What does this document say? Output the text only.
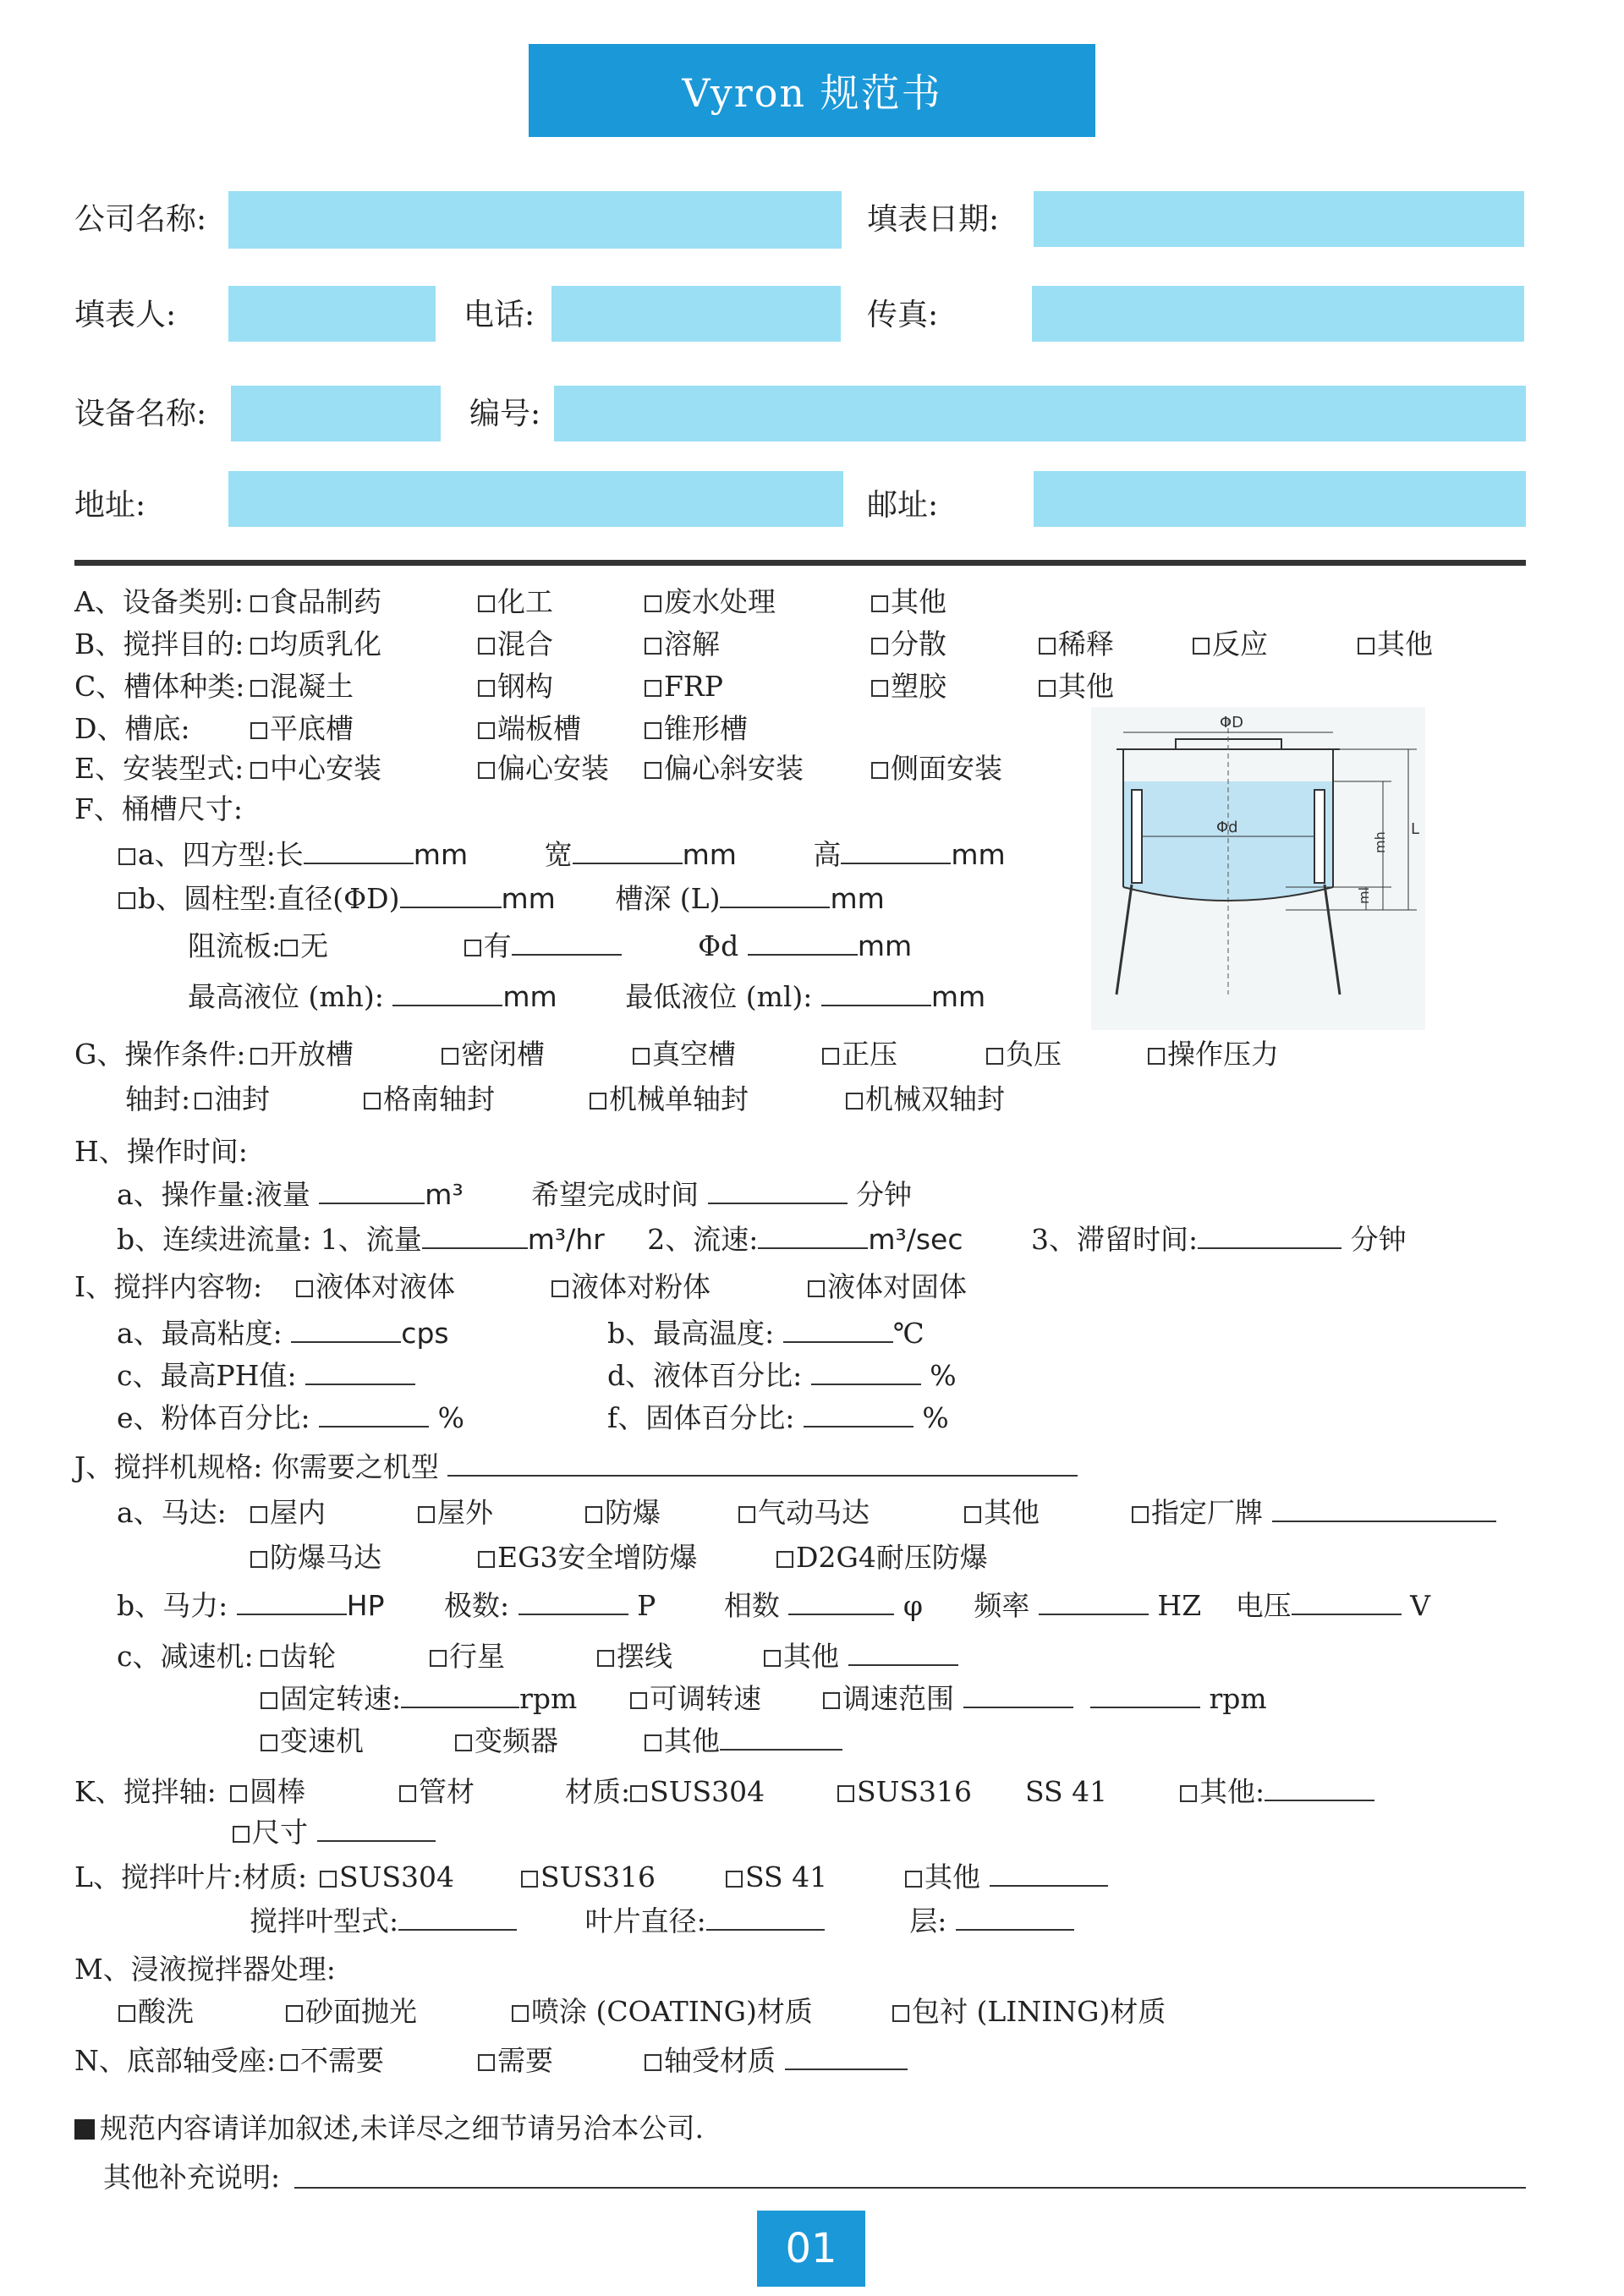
Vyron 规范书
公司名称:	填表日期:
填表人:	电话:	传真:
设备名称:	编号:
地址:	邮址:
A、设备类别: 食品制药	化工	废水处理	其他
B、搅拌目的: 均质乳化	混合	溶解	分散	稀释	反应	其他
C、槽体种类: 混凝土	钢构	FRP	塑胶	其他
D、槽底:	平底槽	端板槽	锥形槽
E、安装型式: 中心安装	偏心安装	偏心斜安装	侧面安装
F、桶槽尺寸:
a、四方型:长	mm	宽	mm	高	mm
b、圆柱型:直径(ΦD)	mm 槽深 (L)	mm
阻流板: 无	有	Φd	mm
最高液位 (mh):	mm 最低液位 (ml):	mm
ΦD
Φd	L
mh
ml
G、操作条件: 开放槽	密闭槽	真空槽	正压	负压	操作压力
轴封: 油封	格南轴封	机械单轴封	机械双轴封
H、操作时间:
a、操作量:液量	m³ 希望完成时间	分钟
b、连续进流量: 1、流量	m³/hr 2、流速:	m³/sec 3、滞留时间:	分钟
I、搅拌内容物:	液体对液体	液体对粉体	液体对固体
a、最高粘度:	cps	b、最高温度:	℃
c、最高PH值:	d、液体百分比:	%
e、粉体百分比:	%	f、固体百分比:	%
J、搅拌机规格: 你需要之机型
a、马达:	屋内	屋外	防爆	气动马达	其他	指定厂牌
防爆马达	EG3安全增防爆	D2G4耐压防爆
b、马力:	HP 极数:	P 相数	φ 频率	HZ 电压	V
c、减速机: 齿轮	行星	摆线	其他
固定转速:	rpm	可调转速	调速范围	rpm
变速机	变频器	其他
K、搅拌轴:	圆棒	管材	材质: SUS304	SUS316 SS 41	其他:
尺寸
L、搅拌叶片:材质:	SUS304	SUS316	SS 41	其他
搅拌叶型式:	叶片直径:	层:
M、浸液搅拌器处理:
酸洗	砂面抛光	喷涂 (COATING)材质	包衬 (LINING)材质
N、底部轴受座: 不需要	需要	轴受材质
规范内容请详加叙述,未详尽之细节请另洽本公司.
其他补充说明:
01
